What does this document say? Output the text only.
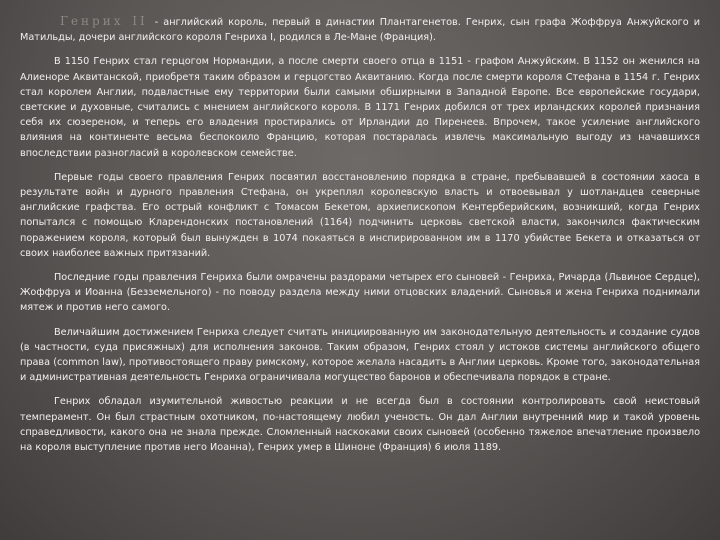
Генрих II - английский король, первый в династии Плантагенетов. Генрих, сын графа Жоффруа Анжуйского и Матильды, дочери английского короля Генриха I, родился в Ле-Мане (Франция).

В 1150 Генрих стал герцогом Нормандии, а после смерти своего отца в 1151 - графом Анжуйским. В 1152 он женился на Алиеноре Аквитанской, приобретя таким образом и герцогство Аквитанию. Когда после смерти короля Стефана в 1154 г. Генрих стал королем Англии, подвластные ему территории были самыми обширными в Западной Европе. Все европейские государи, светские и духовные, считались с мнением английского короля. В 1171 Генрих добился от трех ирландских королей признания себя их сюзереном, и теперь его владения простирались от Ирландии до Пиренеев. Впрочем, такое усиление английского влияния на континенте весьма беспокоило Францию, которая постаралась извлечь максимальную выгоду из начавшихся впоследствии разногласий в королевском семействе.

Первые годы своего правления Генрих посвятил восстановлению порядка в стране, пребывавшей в состоянии хаоса в результате войн и дурного правления Стефана, он укреплял королевскую власть и отвоевывал у шотландцев северные английские графства. Его острый конфликт с Томасом Бекетом, архиепископом Кентерберийским, возникший, когда Генрих попытался с помощью Кларендонских постановлений (1164) подчинить церковь светской власти, закончился фактическим поражением короля, который был вынужден в 1074 покаяться в инспирированном им в 1170 убийстве Бекета и отказаться от своих наиболее важных притязаний.

Последние годы правления Генриха были омрачены раздорами четырех его сыновей - Генриха, Ричарда (Львиное Сердце), Жоффруа и Иоанна (Безземельного) - по поводу раздела между ними отцовских владений. Сыновья и жена Генриха поднимали мятеж и против него самого.

Величайшим достижением Генриха следует считать инициированную им законодательную деятельность и создание судов (в частности, суда присяжных) для исполнения законов. Таким образом, Генрих стоял у истоков системы английского общего права (common law), противостоящего праву римскому, которое желала насадить в Англии церковь. Кроме того, законодательная и административная деятельность Генриха ограничивала могущество баронов и обеспечивала порядок в стране.

Генрих обладал изумительной живостью реакции и не всегда был в состоянии контролировать свой неистовый темперамент. Он был страстным охотником, по-настоящему любил ученость. Он дал Англии внутренний мир и такой уровень справедливости, какого она не знала прежде. Сломленный наскоками своих сыновей (особенно тяжелое впечатление произвело на короля выступление против него Иоанна), Генрих умер в Шиноне (Франция) 6 июля 1189.
